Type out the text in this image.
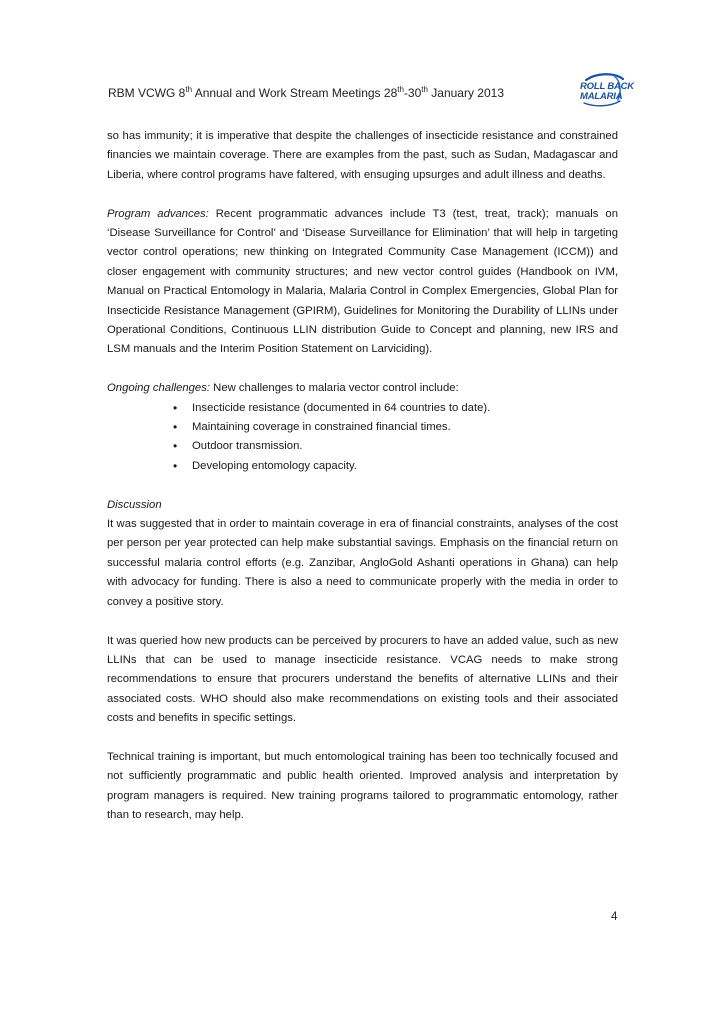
RBM VCWG 8th Annual and Work Stream Meetings 28th-30th January 2013	ROLL BACK
MALARIA

so has immunity; it is imperative that despite the challenges of insecticide resistance and constrained financies we maintain coverage. There are examples from the past, such as Sudan, Madagascar and Liberia, where control programs have faltered, with ensuging upsurges and adult illness and deaths.

Program advances: Recent programmatic advances include T3 (test, treat, track); manuals on ‘Disease Surveillance for Control’ and ‘Disease Surveillance for Elimination’ that will help in targeting vector control operations; new thinking on Integrated Community Case Management (ICCM)) and closer engagement with community structures; and new vector control guides (Handbook on IVM, Manual on Practical Entomology in Malaria, Malaria Control in Complex Emergencies, Global Plan for Insecticide Resistance Management (GPIRM), Guidelines for Monitoring the Durability of LLINs under Operational Conditions, Continuous LLIN distribution Guide to Concept and planning, new IRS and LSM manuals and the Interim Position Statement on Larviciding).

Ongoing challenges: New challenges to malaria vector control include:

• Insecticide resistance (documented in 64 countries to date).
• Maintaining coverage in constrained financial times.
• Outdoor transmission.
• Developing entomology capacity.

Discussion

It was suggested that in order to maintain coverage in era of financial constraints, analyses of the cost per person per year protected can help make substantial savings. Emphasis on the financial return on successful malaria control efforts (e.g. Zanzibar, AngloGold Ashanti operations in Ghana) can help with advocacy for funding. There is also a need to communicate properly with the media in order to convey a positive story.

It was queried how new products can be perceived by procurers to have an added value, such as new LLINs that can be used to manage insecticide resistance. VCAG needs to make strong recommendations to ensure that procurers understand the benefits of alternative LLINs and their associated costs. WHO should also make recommendations on existing tools and their associated costs and benefits in specific settings.

Technical training is important, but much entomological training has been too technically focused and not sufficiently programmatic and public health oriented. Improved analysis and interpretation by program managers is required. New training programs tailored to programmatic entomology, rather than to research, may help.

4
